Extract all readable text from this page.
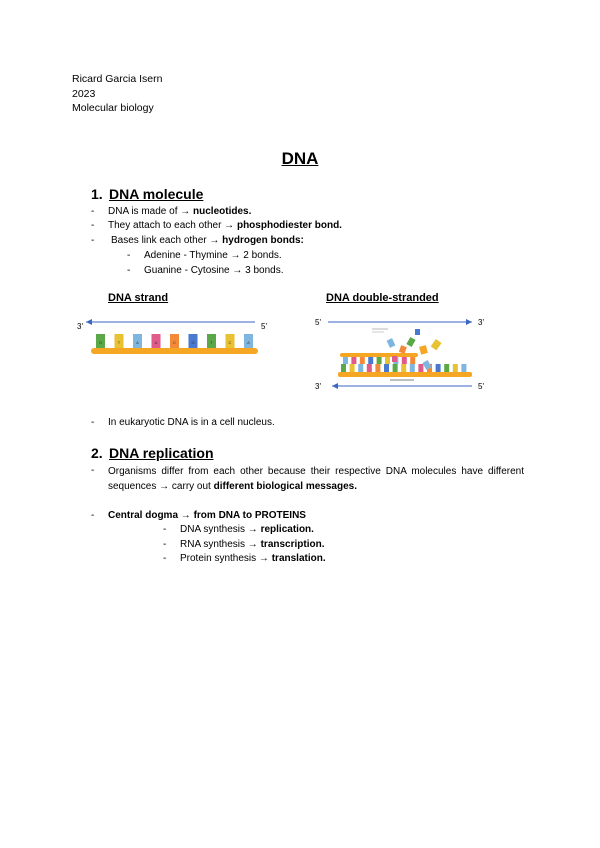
Ricard Garcia Isern
2023
Molecular biology
DNA
1. DNA molecule
- DNA is made of → nucleotides.
- They attach to each other → phosphodiester bond.
- Bases link each other → hydrogen bonds:
- Adenine - Thymine → 2 bonds.
- Guanine - Cytosine → 3 bonds.
DNA strand	DNA double-stranded
3'	5'
G	T	A	A	C	G	T	C	A
5'	3'
3'	5'
- In eukaryotic DNA is in a cell nucleus.
2. DNA replication
- Organisms differ from each other because their respective DNA molecules have different sequences → carry out different biological messages.
- Central dogma → from DNA to PROTEINS
- DNA synthesis → replication.
- RNA synthesis → transcription.
- Protein synthesis → translation.
